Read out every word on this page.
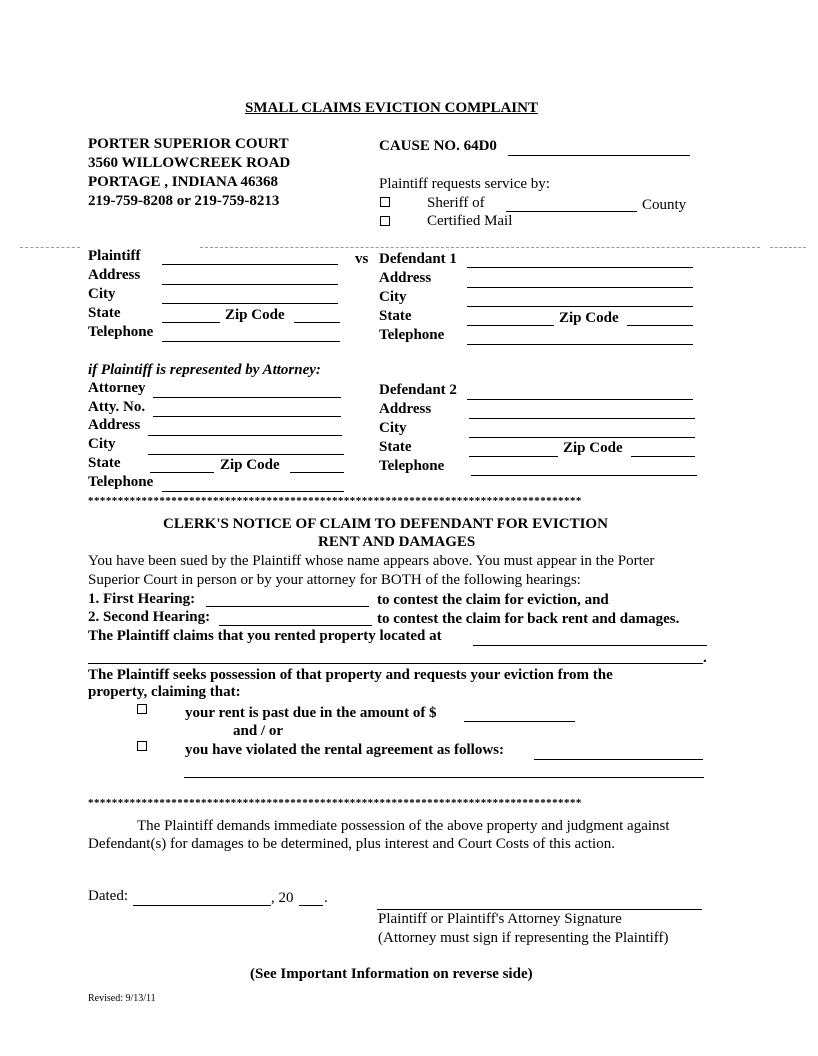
SMALL CLAIMS EVICTION COMPLAINT
PORTER SUPERIOR COURT
3560 WILLOWCREEK ROAD
PORTAGE , INDIANA 46368
219-759-8208 or 219-759-8213
CAUSE NO. 64D0
Plaintiff requests service by:
Sheriff of	County
Certified Mail
Plaintiff
Address
City
State	Zip Code
Telephone
vs Defendant 1
Address
City
State	Zip Code
Telephone
if Plaintiff is represented by Attorney:
Attorney
Atty. No.
Address
City
State	Zip Code
Telephone
Defendant 2
Address
City
State	Zip Code
Telephone
***********************************************************************************
CLERK'S NOTICE OF CLAIM TO DEFENDANT FOR EVICTION
RENT AND DAMAGES
You have been sued by the Plaintiff whose name appears above. You must appear in the Porter
Superior Court in person or by your attorney for BOTH of the following hearings:
1. First Hearing:	to contest the claim for eviction, and
2. Second Hearing:	to contest the claim for back rent and damages.
The Plaintiff claims that you rented property located at
.
The Plaintiff seeks possession of that property and requests your eviction from the
property, claiming that:
your rent is past due in the amount of $
and / or
you have violated the rental agreement as follows:
***********************************************************************************
The Plaintiff demands immediate possession of the above property and judgment against
Defendant(s) for damages to be determined, plus interest and Court Costs of this action.
Dated:	, 20 .
Plaintiff or Plaintiff's Attorney Signature
(Attorney must sign if representing the Plaintiff)
(See Important Information on reverse side)
Revised: 9/13/11
